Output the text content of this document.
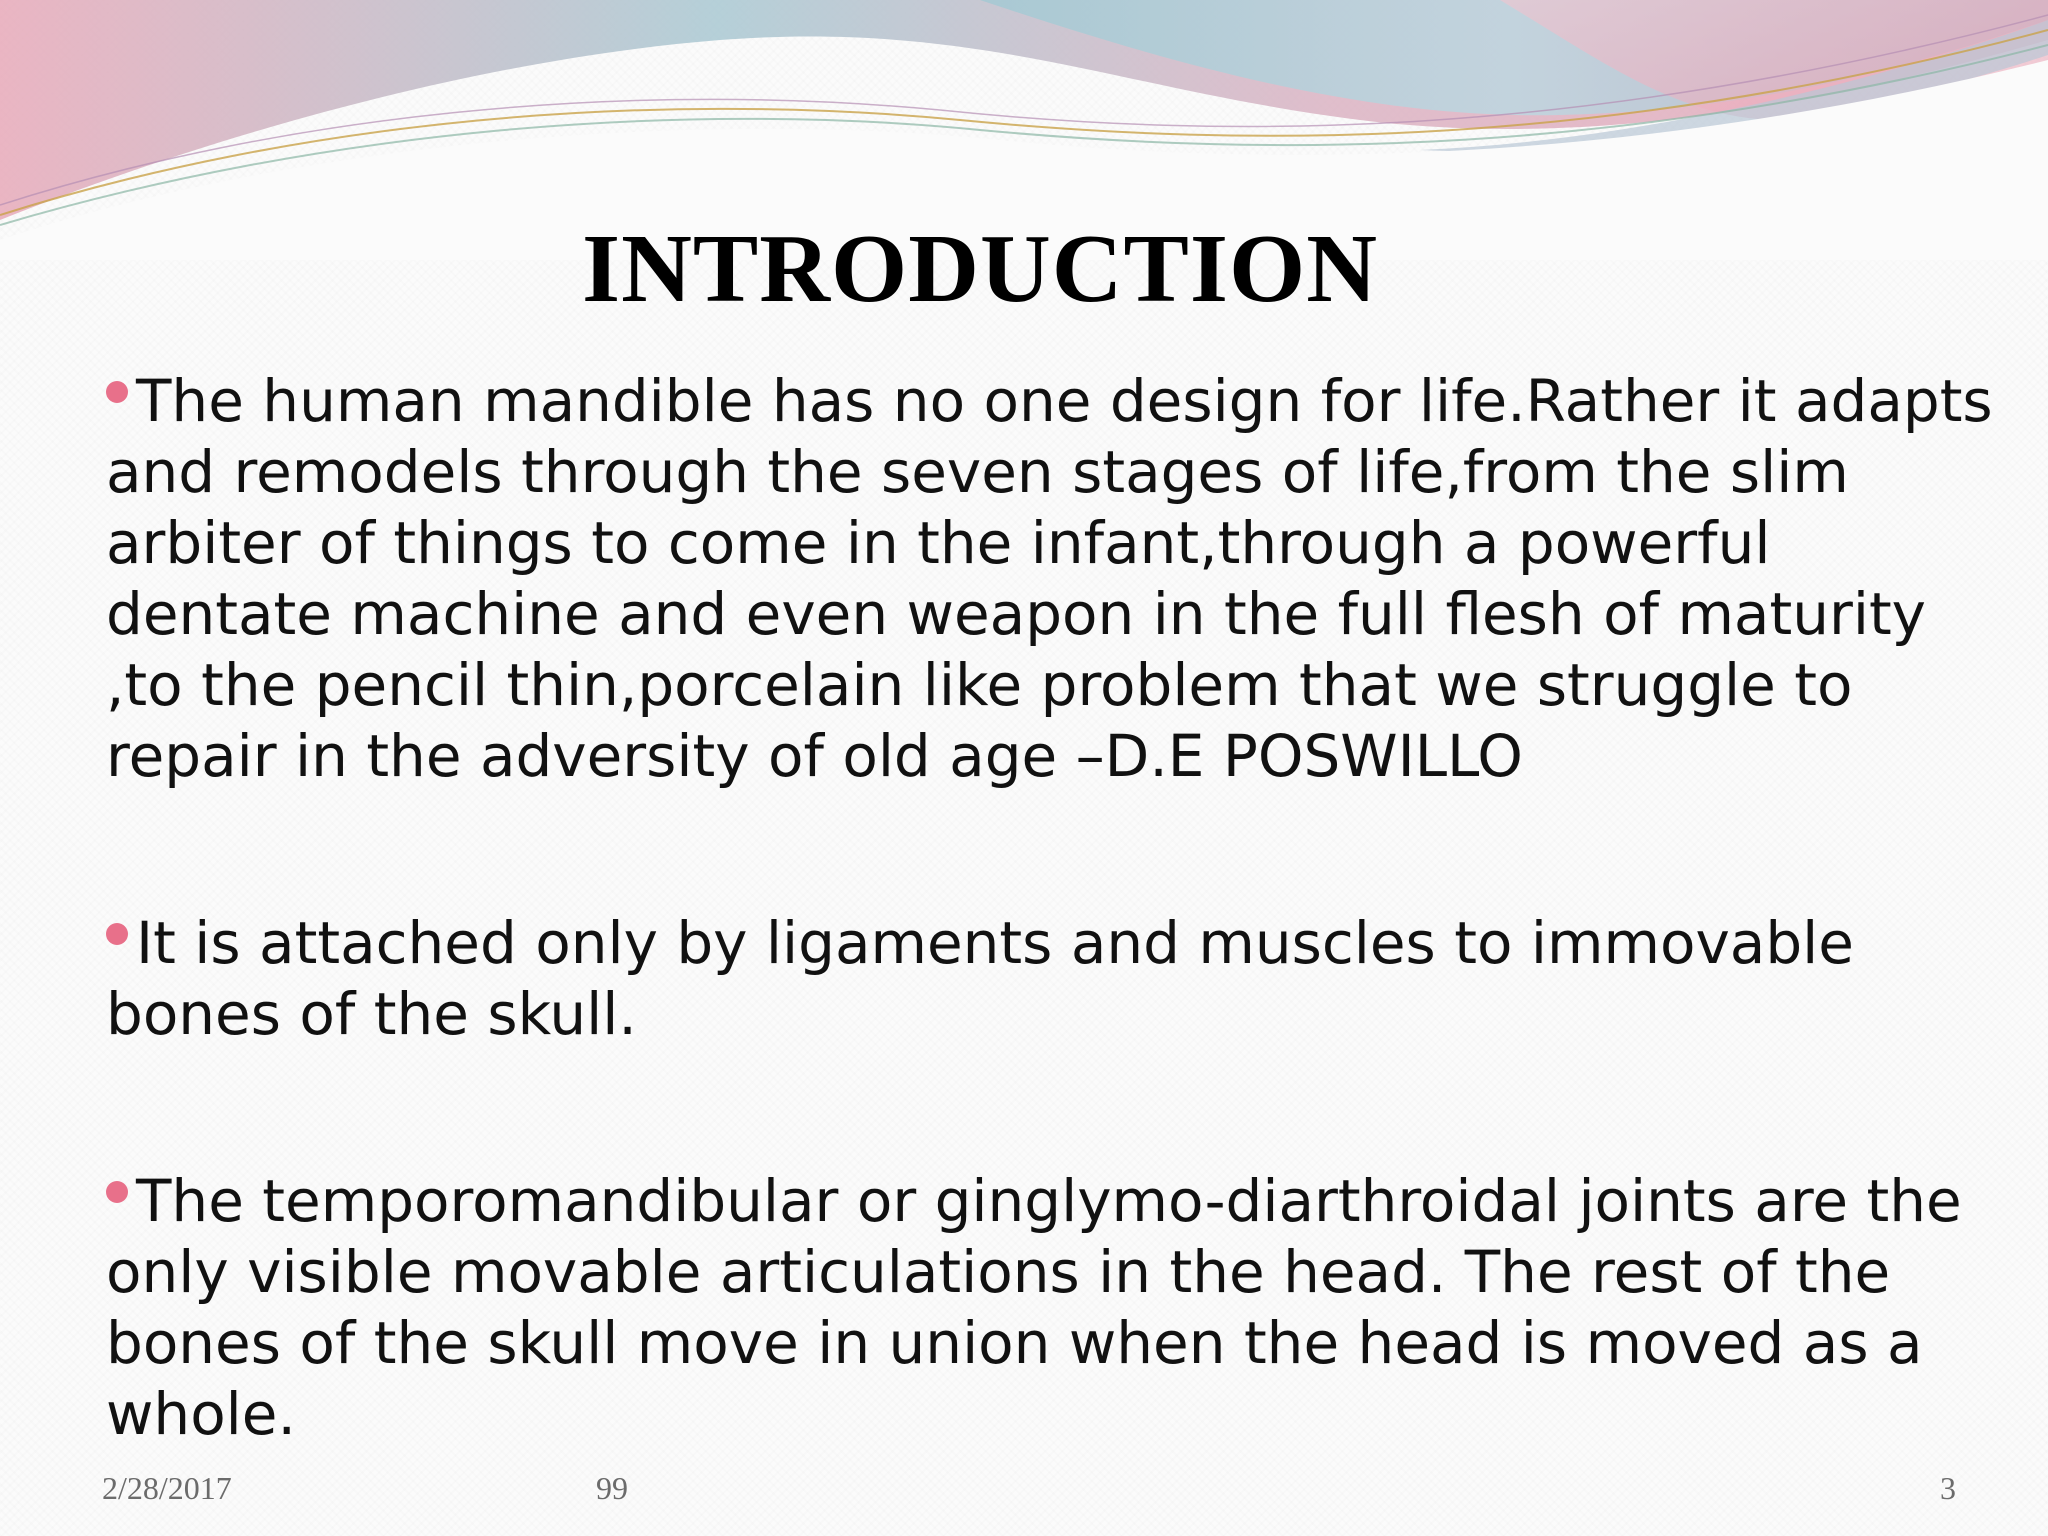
INTRODUCTION

The human mandible has no one design for life.Rather it adapts and remodels through the seven stages of life,from the slim arbiter of things to come in the infant,through a powerful dentate machine and even weapon in the full flesh of maturity ,to the pencil thin,porcelain like problem that we struggle to repair in the adversity of old age –D.E POSWILLO

It is attached only by ligaments and muscles to immovable bones of the skull.

The temporomandibular or ginglymo-diarthroidal joints are the only visible movable articulations in the head. The rest of the bones of the skull move in union when the head is moved as a whole.

2/28/2017	99	3
